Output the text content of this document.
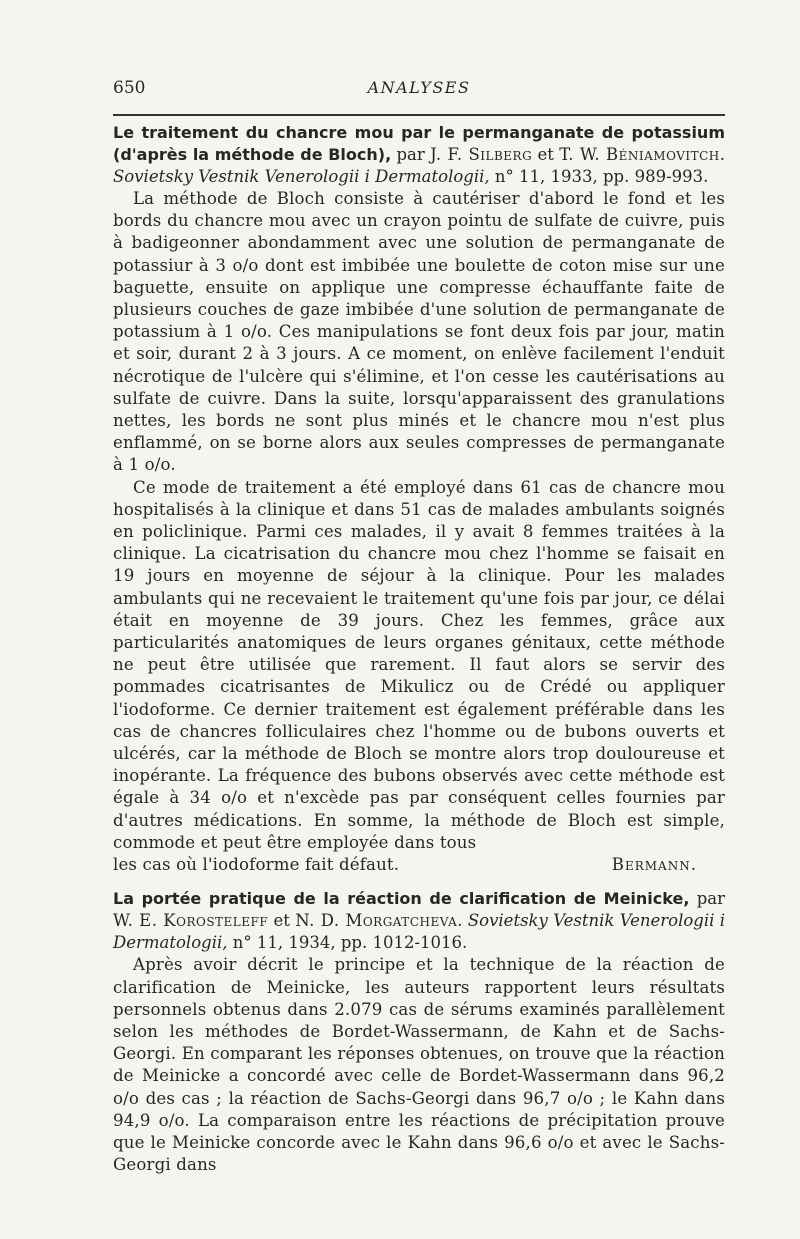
650	ANALYSES

Le traitement du chancre mou par le permanganate de potassium (d'après la méthode de Bloch), par J. F. Silberg et T. W. Béniamovitch. Sovietsky Vestnik Venerologii i Dermatologii, n° 11, 1933, pp. 989-993.

La méthode de Bloch consiste à cautériser d'abord le fond et les bords du chancre mou avec un crayon pointu de sulfate de cuivre, puis à badigeonner abondamment avec une solution de permanganate de potassiur à 3 o/o dont est imbibée une boulette de coton mise sur une baguette, ensuite on applique une compresse échauffante faite de plusieurs couches de gaze imbibée d'une solution de permanganate de potassium à 1 o/o. Ces manipulations se font deux fois par jour, matin et soir, durant 2 à 3 jours. A ce moment, on enlève facilement l'enduit nécrotique de l'ulcère qui s'élimine, et l'on cesse les cautérisations au sulfate de cuivre. Dans la suite, lorsqu'apparaissent des granulations nettes, les bords ne sont plus minés et le chancre mou n'est plus enflammé, on se borne alors aux seules compresses de permanganate à 1 o/o.

Ce mode de traitement a été employé dans 61 cas de chancre mou hospitalisés à la clinique et dans 51 cas de malades ambulants soignés en policlinique. Parmi ces malades, il y avait 8 femmes traitées à la clinique. La cicatrisation du chancre mou chez l'homme se faisait en 19 jours en moyenne de séjour à la clinique. Pour les malades ambulants qui ne recevaient le traitement qu'une fois par jour, ce délai était en moyenne de 39 jours. Chez les femmes, grâce aux particularités anatomiques de leurs organes génitaux, cette méthode ne peut être utilisée que rarement. Il faut alors se servir des pommades cicatrisantes de Mikulicz ou de Crédé ou appliquer l'iodoforme. Ce dernier traitement est également préférable dans les cas de chancres folliculaires chez l'homme ou de bubons ouverts et ulcérés, car la méthode de Bloch se montre alors trop douloureuse et inopérante. La fréquence des bubons observés avec cette méthode est égale à 34 o/o et n'excède pas par conséquent celles fournies par d'autres médications. En somme, la méthode de Bloch est simple, commode et peut être employée dans tous

les cas où l'iodoforme fait défaut.	Bermann.

La portée pratique de la réaction de clarification de Meinicke, par W. E. Korosteleff et N. D. Morgatcheva. Sovietsky Vestnik Venerologii i Dermatologii, n° 11, 1934, pp. 1012-1016.

Après avoir décrit le principe et la technique de la réaction de clarification de Meinicke, les auteurs rapportent leurs résultats personnels obtenus dans 2.079 cas de sérums examinés parallèlement selon les méthodes de Bordet-Wassermann, de Kahn et de Sachs-Georgi. En comparant les réponses obtenues, on trouve que la réaction de Meinicke a concordé avec celle de Bordet-Wassermann dans 96,2 o/o des cas ; la réaction de Sachs-Georgi dans 96,7 o/o ; le Kahn dans 94,9 o/o. La comparaison entre les réactions de précipitation prouve que le Meinicke concorde avec le Kahn dans 96,6 o/o et avec le Sachs-Georgi dans
